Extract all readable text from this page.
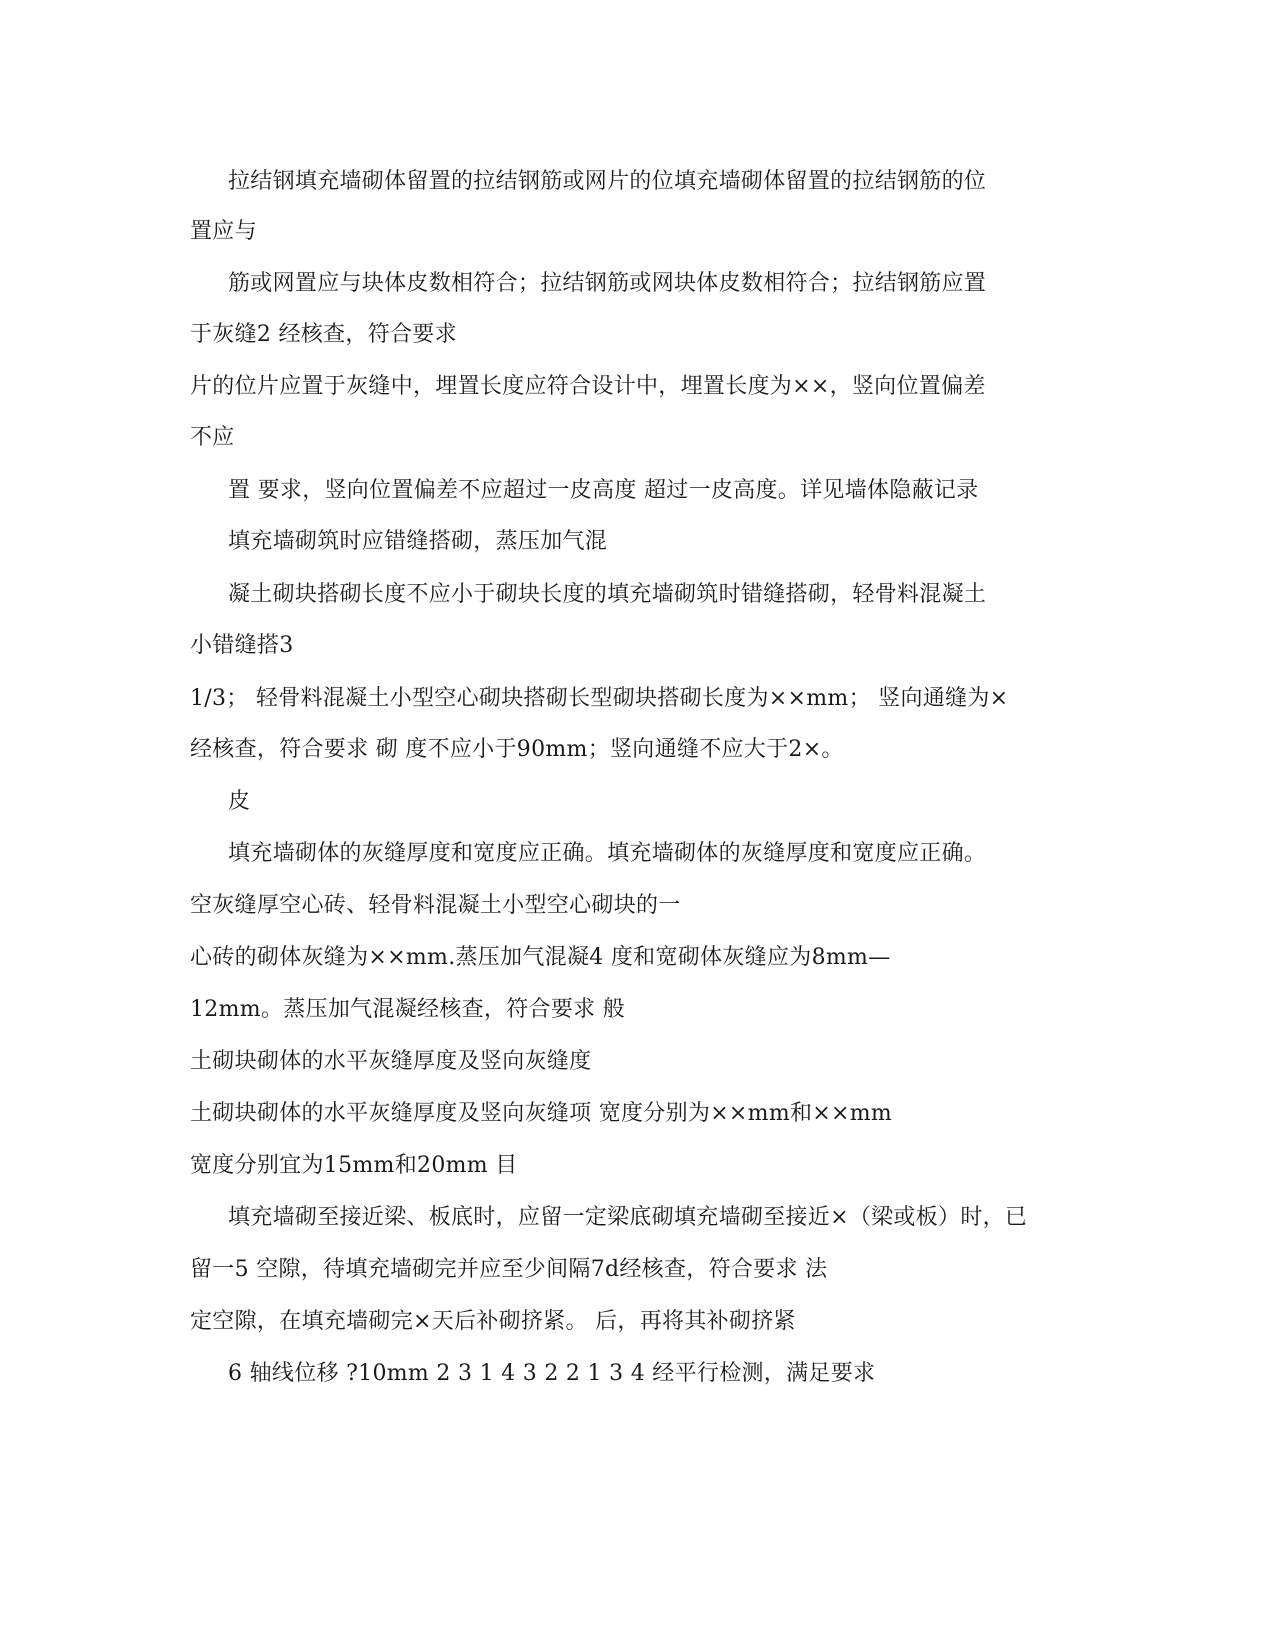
拉结钢填充墙砌体留置的拉结钢筋或网片的位填充墙砌体留置的拉结钢筋的位
置应与
筋或网置应与块体皮数相符合；拉结钢筋或网块体皮数相符合；拉结钢筋应置
于灰缝2 经核查，符合要求
片的位片应置于灰缝中，埋置长度应符合设计中，埋置长度为××，竖向位置偏差
不应
置 要求，竖向位置偏差不应超过一皮高度 超过一皮高度。详见墙体隐蔽记录
填充墙砌筑时应错缝搭砌，蒸压加气混
凝土砌块搭砌长度不应小于砌块长度的填充墙砌筑时错缝搭砌，轻骨料混凝土
小错缝搭3
1/3； 轻骨料混凝土小型空心砌块搭砌长型砌块搭砌长度为××mm； 竖向通缝为×
经核查，符合要求 砌 度不应小于90mm；竖向通缝不应大于2×。
皮
填充墙砌体的灰缝厚度和宽度应正确。填充墙砌体的灰缝厚度和宽度应正确。
空灰缝厚空心砖、轻骨料混凝土小型空心砌块的一
心砖的砌体灰缝为××mm.蒸压加气混凝4 度和宽砌体灰缝应为8mm—
12mm。蒸压加气混凝经核查，符合要求 般
土砌块砌体的水平灰缝厚度及竖向灰缝度
土砌块砌体的水平灰缝厚度及竖向灰缝项 宽度分别为××mm和××mm
宽度分别宜为15mm和20mm 目
填充墙砌至接近梁、板底时，应留一定梁底砌填充墙砌至接近×（梁或板）时，已
留一5 空隙，待填充墙砌完并应至少间隔7d经核查，符合要求 法
定空隙，在填充墙砌完×天后补砌挤紧。 后，再将其补砌挤紧
6 轴线位移 ?10mm 2 3 1 4 3 2 2 1 3 4 经平行检测，满足要求
